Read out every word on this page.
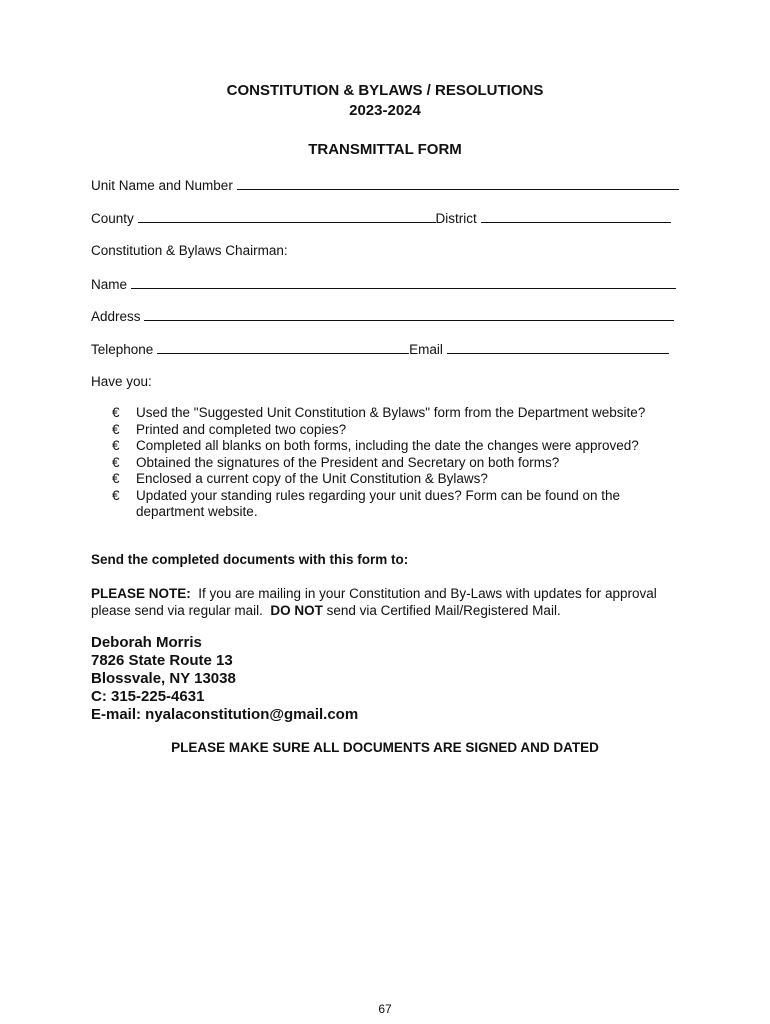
CONSTITUTION & BYLAWS / RESOLUTIONS
2023-2024
TRANSMITTAL FORM
Unit Name and Number
County	District
Constitution & Bylaws Chairman:
Name
Address
Telephone	Email
Have you:
€	Used the "Suggested Unit Constitution & Bylaws" form from the Department website?
€	Printed and completed two copies?
€	Completed all blanks on both forms, including the date the changes were approved?
€	Obtained the signatures of the President and Secretary on both forms?
€	Enclosed a current copy of the Unit Constitution & Bylaws?
€	Updated your standing rules regarding your unit dues? Form can be found on the department website.
Send the completed documents with this form to:
PLEASE NOTE:  If you are mailing in your Constitution and By-Laws with updates for approval please send via regular mail.  DO NOT send via Certified Mail/Registered Mail.
Deborah Morris
7826 State Route 13
Blossvale, NY 13038
C: 315-225-4631
E-mail: nyalaconstitution@gmail.com
PLEASE MAKE SURE ALL DOCUMENTS ARE SIGNED AND DATED
67
